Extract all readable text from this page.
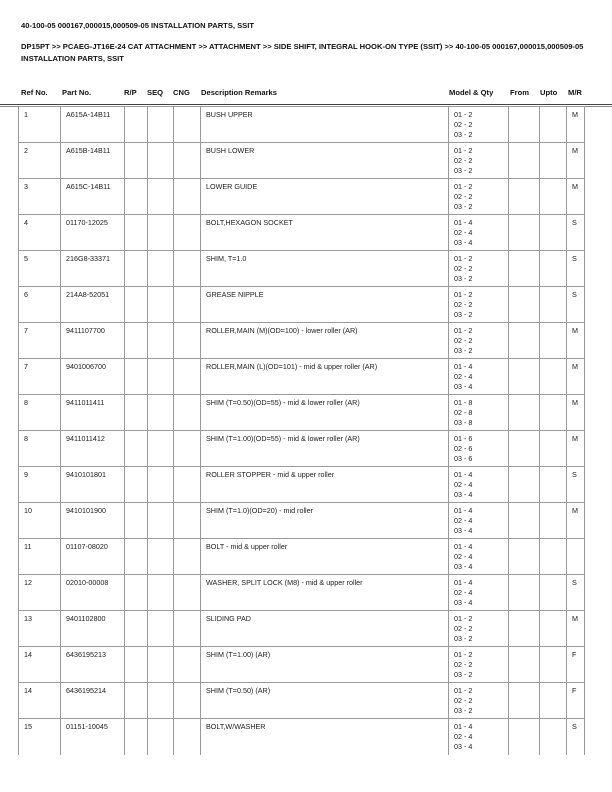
40-100-05 000167,000015,000509-05 INSTALLATION PARTS, SSIT
DP15PT >> PCAEG-JT16E-24 CAT ATTACHMENT >> ATTACHMENT >> SIDE SHIFT, INTEGRAL HOOK-ON TYPE (SSIT) >> 40-100-05 000167,000015,000509-05 INSTALLATION PARTS, SSIT
Ref No. Part No.	R/P SEQ CNG Description Remarks	Model & Qty From Upto M/R
1	A615A-14B11				BUSH UPPER	01 - 2
02 - 2
03 - 2			M
2	A615B-14B11				BUSH LOWER	01 - 2
02 - 2
03 - 2			M
3	A615C-14B11				LOWER GUIDE	01 - 2
02 - 2
03 - 2			M
4	01170-12025				BOLT,HEXAGON SOCKET	01 - 4
02 - 4
03 - 4			S
5	216G8-33371				SHIM, T=1.0	01 - 2
02 - 2
03 - 2			S
6	214A8-52051				GREASE NIPPLE	01 - 2
02 - 2
03 - 2			S
7	9411107700				ROLLER,MAIN (M)(OD=100) - lower roller (AR)	01 - 2
02 - 2
03 - 2			M
7	9401006700				ROLLER,MAIN (L)(OD=101) - mid & upper roller (AR)	01 - 4
02 - 4
03 - 4			M
8	9411011411				SHIM (T=0.50)(OD=55) - mid & lower roller (AR)	01 - 8
02 - 8
03 - 8			M
8	9411011412				SHIM (T=1.00)(OD=55) - mid & lower roller (AR)	01 - 6
02 - 6
03 - 6			M
9	9410101801				ROLLER STOPPER - mid & upper roller	01 - 4
02 - 4
03 - 4			S
10	9410101900				SHIM (T=1.0)(OD=20) - mid roller	01 - 4
02 - 4
03 - 4			M
11	01107-08020				BOLT - mid & upper roller	01 - 4
02 - 4
03 - 4			

12	02010-00008				WASHER, SPLIT LOCK (M8) - mid & upper roller	01 - 4
02 - 4
03 - 4			S
13	9401102800				SLIDING PAD	01 - 2
02 - 2
03 - 2			M
14	6436195213				SHIM (T=1.00) (AR)	01 - 2
02 - 2
03 - 2			F
14	6436195214				SHIM (T=0.50) (AR)	01 - 2
02 - 2
03 - 2			F
15	01151-10045				BOLT,W/WASHER	01 - 4
02 - 4
03 - 4			S
